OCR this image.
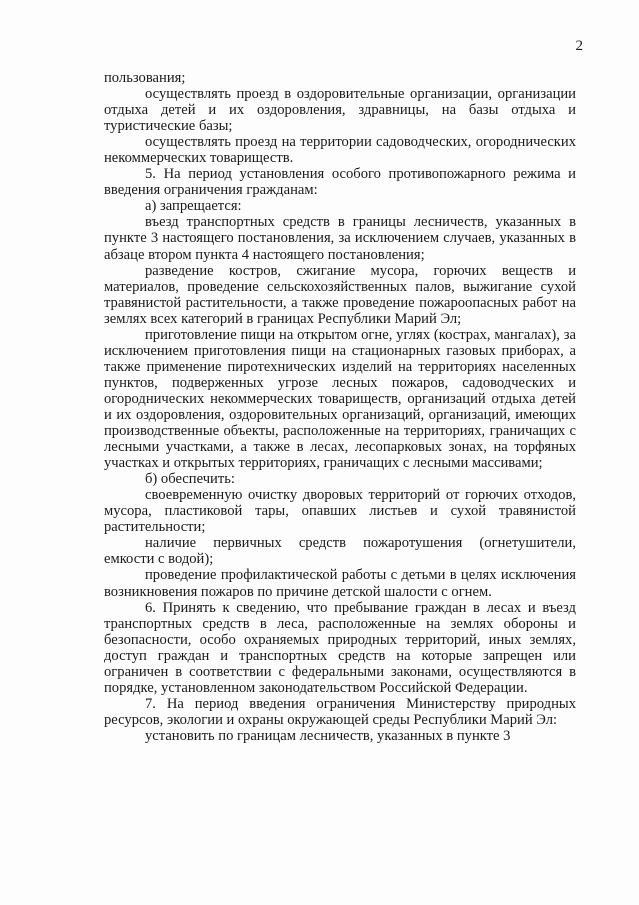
2

пользования;

осуществлять проезд в оздоровительные организации, организации отдыха детей и их оздоровления, здравницы, на базы отдыха и туристические базы;

осуществлять проезд на территории садоводческих, огороднических некоммерческих товариществ.

5. На период установления особого противопожарного режима и введения ограничения гражданам:

а) запрещается:

въезд транспортных средств в границы лесничеств, указанных в пункте 3 настоящего постановления, за исключением случаев, указанных в абзаце втором пункта 4 настоящего постановления;

разведение костров, сжигание мусора, горючих веществ и материалов, проведение сельскохозяйственных палов, выжигание сухой травянистой растительности, а также проведение пожароопасных работ на землях всех категорий в границах Республики Марий Эл;

приготовление пищи на открытом огне, углях (кострах, мангалах), за исключением приготовления пищи на стационарных газовых приборах, а также применение пиротехнических изделий на территориях населенных пунктов, подверженных угрозе лесных пожаров, садоводческих и огороднических некоммерческих товариществ, организаций отдыха детей и их оздоровления, оздоровительных организаций, организаций, имеющих производственные объекты, расположенные на территориях, граничащих с лесными участками, а также в лесах, лесопарковых зонах, на торфяных участках и открытых территориях, граничащих с лесными массивами;

б) обеспечить:

своевременную очистку дворовых территорий от горючих отходов, мусора, пластиковой тары, опавших листьев и сухой травянистой растительности;

наличие первичных средств пожаротушения (огнетушители, емкости с водой);

проведение профилактической работы с детьми в целях исключения возникновения пожаров по причине детской шалости с огнем.

6. Принять к сведению, что пребывание граждан в лесах и въезд транспортных средств в леса, расположенные на землях обороны и безопасности, особо охраняемых природных территорий, иных землях, доступ граждан и транспортных средств на которые запрещен или ограничен в соответствии с федеральными законами, осуществляются в порядке, установленном законодательством Российской Федерации.

7. На период введения ограничения Министерству природных ресурсов, экологии и охраны окружающей среды Республики Марий Эл:

установить по границам лесничеств, указанных в пункте 3
